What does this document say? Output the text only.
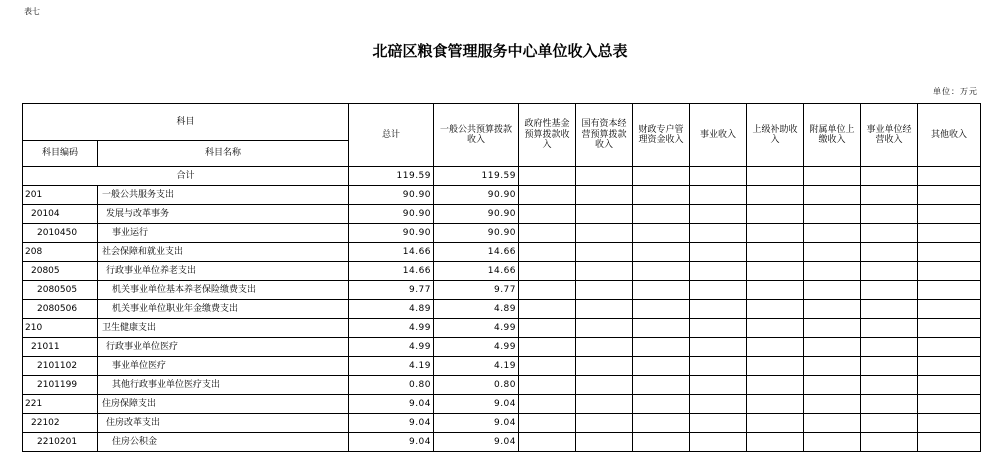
表七
北碚区粮食管理服务中心单位收入总表
单位：万元
科目		总计	一般公共预算拨款收入	政府性基金预算拨款收入	国有资本经营预算拨款收入	财政专户管理资金收入	事业收入	上级补助收入	附属单位上缴收入	事业单位经营收入	其他收入
科目编码	科目名称										
合计		119.59	119.59								
201	一般公共服务支出	90.90	90.90								
20104	发展与改革事务	90.90	90.90								
2010450	事业运行	90.90	90.90								
208	社会保障和就业支出	14.66	14.66								
20805	行政事业单位养老支出	14.66	14.66								
2080505	机关事业单位基本养老保险缴费支出	9.77	9.77								
2080506	机关事业单位职业年金缴费支出	4.89	4.89								
210	卫生健康支出	4.99	4.99								
21011	行政事业单位医疗	4.99	4.99								
2101102	事业单位医疗	4.19	4.19								
2101199	其他行政事业单位医疗支出	0.80	0.80								
221	住房保障支出	9.04	9.04								
22102	住房改革支出	9.04	9.04								
2210201	住房公积金	9.04	9.04								
